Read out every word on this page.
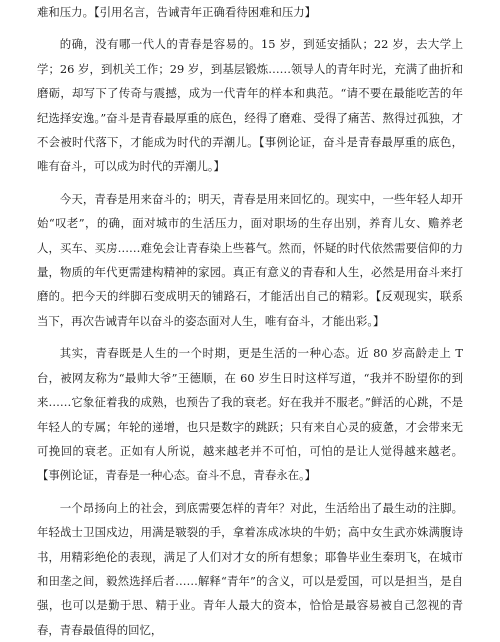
难和压力。【引用名言，告诫青年正确看待困难和压力】

的确，没有哪一代人的青春是容易的。15 岁，到延安插队；22 岁，去大学上学；26 岁，到机关工作；29 岁，到基层锻炼……领导人的青年时光，充满了曲折和磨砺，却写下了传奇与震撼，成为一代青年的样本和典范。“请不要在最能吃苦的年纪选择安逸。”奋斗是青春最厚重的底色，经得了磨难、受得了痛苦、熬得过孤独，才不会被时代落下，才能成为时代的弄潮儿。【事例论证，奋斗是青春最厚重的底色，唯有奋斗，可以成为时代的弄潮儿。】

今天，青春是用来奋斗的；明天，青春是用来回忆的。现实中，一些年轻人却开始“叹老”，的确，面对城市的生活压力，面对职场的生存出别，养育儿女、赡养老人，买车、买房……难免会让青春染上些暮气。然而，怀疑的时代依然需要信仰的力量，物质的年代更需建构精神的家园。真正有意义的青春和人生，必然是用奋斗来打磨的。把今天的绊脚石变成明天的铺路石，才能活出自己的精彩。【反观现实，联系当下，再次告诫青年以奋斗的姿态面对人生，唯有奋斗，才能出彩。】

其实，青春既是人生的一个时期，更是生活的一种心态。近 80 岁高龄走上 T 台，被网友称为“最帅大爷”王德顺，在 60 岁生日时这样写道，“我并不盼望你的到来……它象征着我的成熟，也预告了我的衰老。好在我并不服老。”鲜活的心跳，不是年轻人的专属；年轮的递增，也只是数字的跳跃；只有来自心灵的疲惫，才会带来无可挽回的衰老。正如有人所说，越来越老并不可怕，可怕的是让人觉得越来越老。【事例论证，青春是一种心态。奋斗不息，青春永在。】

一个昂扬向上的社会，到底需要怎样的青年？对此，生活给出了最生动的注脚。年轻战士卫国戍边，用满是皲裂的手，拿着冻成冰块的牛奶；高中女生武亦姝满腹诗书，用精彩绝伦的表现，满足了人们对才女的所有想象；耶鲁毕业生秦玥飞，在城市和田垄之间，毅然选择后者……解释“青年”的含义，可以是爱国，可以是担当，是自强，也可以是勤于思、精于业。青年人最大的资本，恰恰是最容易被自己忽视的青春，青春最值得的回忆，
